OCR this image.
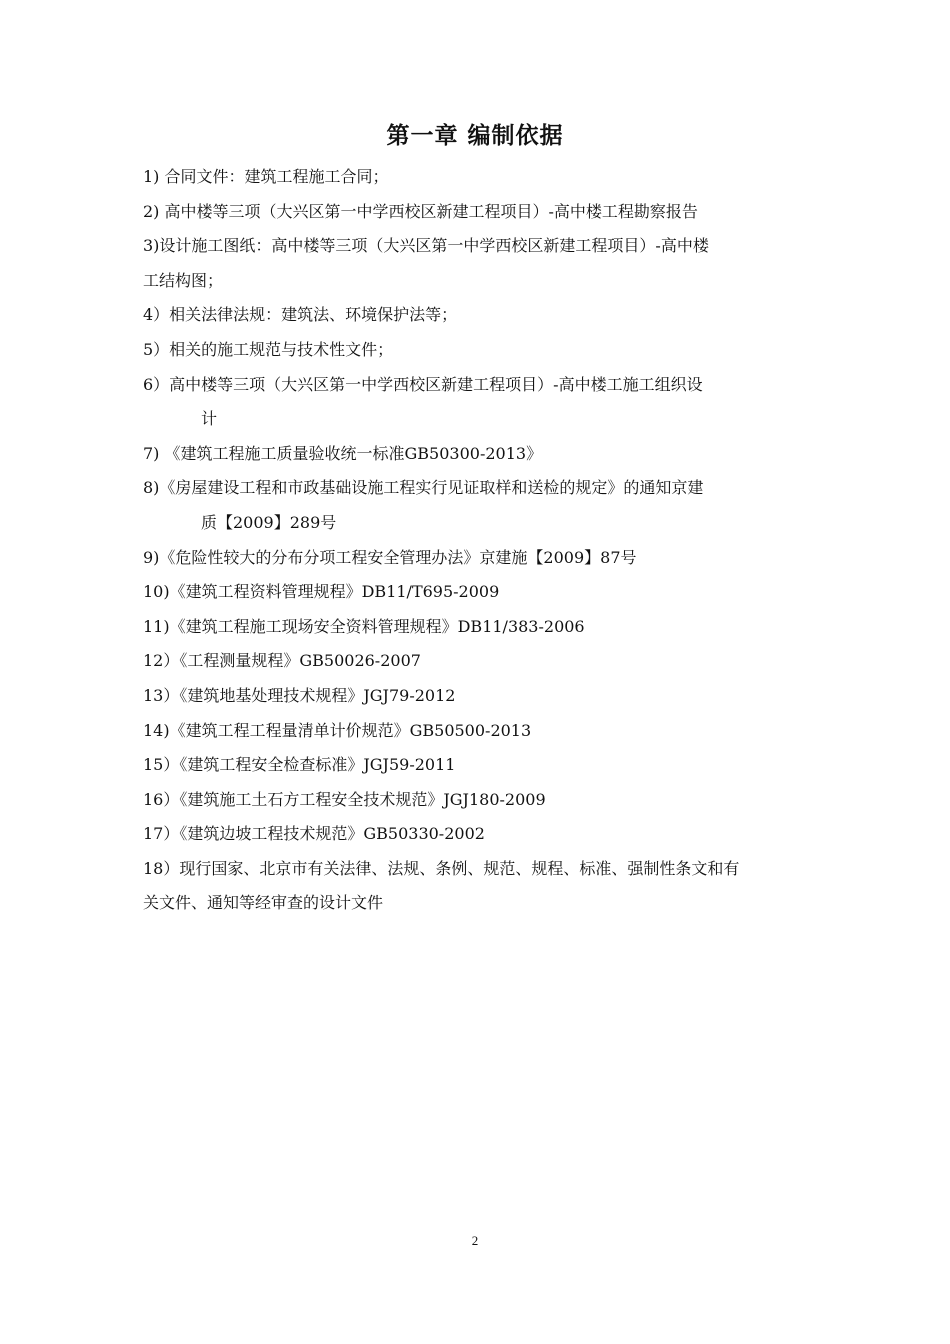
第一章 编制依据
1) 合同文件：建筑工程施工合同；
2) 高中楼等三项（大兴区第一中学西校区新建工程项目）-高中楼工程勘察报告
3)设计施工图纸：高中楼等三项（大兴区第一中学西校区新建工程项目）-高中楼
工结构图；
4）相关法律法规：建筑法、环境保护法等；
5）相关的施工规范与技术性文件；
6）高中楼等三项（大兴区第一中学西校区新建工程项目）-高中楼工施工组织设
计
7) 《建筑工程施工质量验收统一标准GB50300-2013》
8)《房屋建设工程和市政基础设施工程实行见证取样和送检的规定》的通知京建
质【2009】289号
9)《危险性较大的分布分项工程安全管理办法》京建施【2009】87号
10)《建筑工程资料管理规程》DB11/T695-2009
11)《建筑工程施工现场安全资料管理规程》DB11/383-2006
12）《工程测量规程》GB50026-2007
13）《建筑地基处理技术规程》JGJ79-2012
14)《建筑工程工程量清单计价规范》GB50500-2013
15）《建筑工程安全检查标准》JGJ59-2011
16）《建筑施工土石方工程安全技术规范》JGJ180-2009
17）《建筑边坡工程技术规范》GB50330-2002
18）现行国家、北京市有关法律、法规、条例、规范、规程、标准、强制性条文和有
关文件、通知等经审查的设计文件
2
